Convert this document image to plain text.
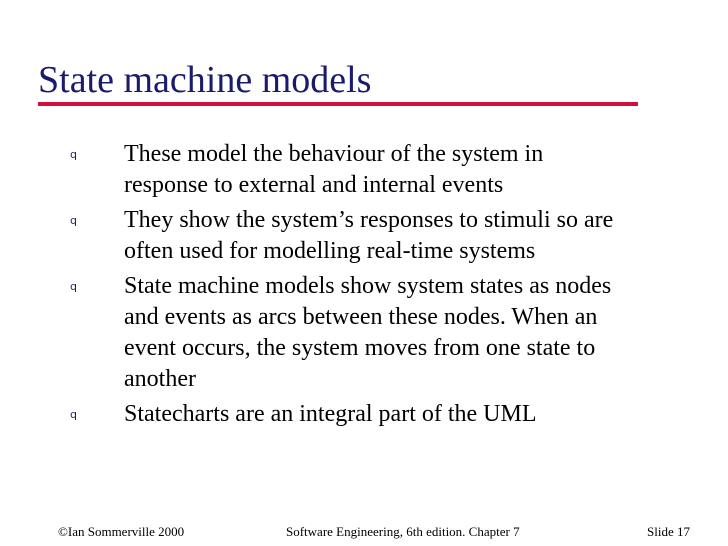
State machine models
q	These model the behaviour of the system in
response to external and internal events
q	They show the system’s responses to stimuli so are
often used for modelling real-time systems
q	State machine models show system states as nodes
and events as arcs between these nodes. When an
event occurs, the system moves from one state to
another
q	Statecharts are an integral part of the UML
©Ian Sommerville 2000	Software Engineering, 6th edition. Chapter 7	Slide 17
